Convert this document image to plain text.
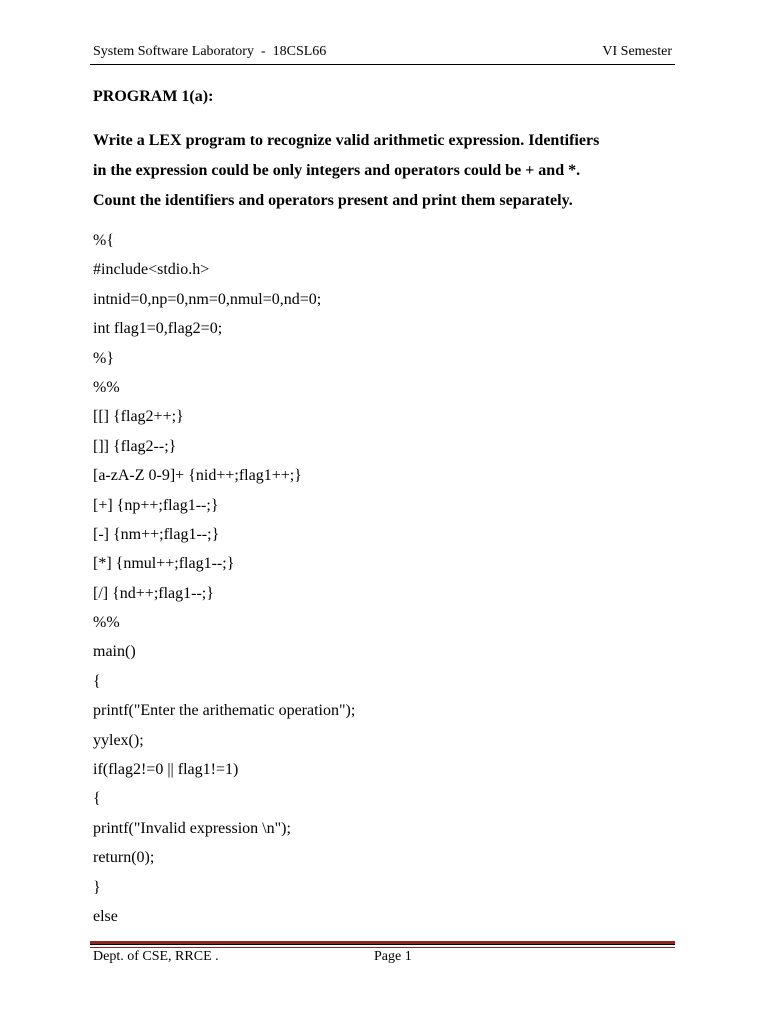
System Software Laboratory  -  18CSL66	VI Semester
PROGRAM 1(a):
Write a LEX program to recognize valid arithmetic expression. Identifiers
in the expression could be only integers and operators could be + and *.
Count the identifiers and operators present and print them separately.
%{
#include<stdio.h>
intnid=0,np=0,nm=0,nmul=0,nd=0;
int flag1=0,flag2=0;
%}
%%
[[] {flag2++;}
[]] {flag2--;}
[a-zA-Z 0-9]+ {nid++;flag1++;}
[+] {np++;flag1--;}
[-] {nm++;flag1--;}
[*] {nmul++;flag1--;}
[/] {nd++;flag1--;}
%%
main()
{
printf("Enter the arithematic operation");
yylex();
if(flag2!=0 || flag1!=1)
{
printf("Invalid expression \n");
return(0);
}
else
Dept. of CSE, RRCE .	Page 1
